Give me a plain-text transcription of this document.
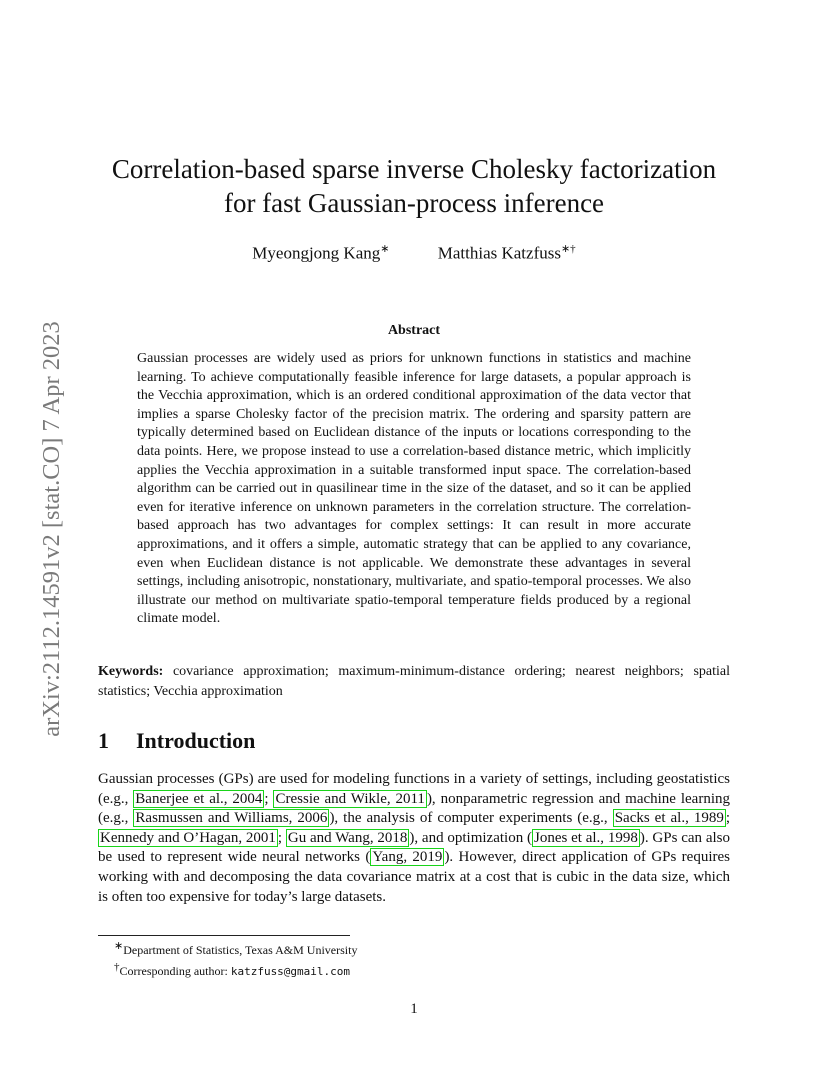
arXiv:2112.14591v2 [stat.CO] 7 Apr 2023
Correlation-based sparse inverse Cholesky factorization
for fast Gaussian-process inference
Myeongjong Kang∗	Matthias Katzfuss∗†
Abstract
Gaussian processes are widely used as priors for unknown functions in statistics and machine learning. To achieve computationally feasible inference for large datasets, a popular approach is the Vecchia approximation, which is an ordered conditional approximation of the data vector that implies a sparse Cholesky factor of the precision matrix. The ordering and sparsity pattern are typically determined based on Euclidean distance of the inputs or locations corresponding to the data points. Here, we propose instead to use a correlation-based distance metric, which implicitly applies the Vecchia approximation in a suitable transformed input space. The correlation-based algorithm can be carried out in quasilinear time in the size of the dataset, and so it can be applied even for iterative inference on unknown parameters in the correlation structure. The correlation-based approach has two advantages for complex settings: It can result in more accurate approximations, and it offers a simple, automatic strategy that can be applied to any covariance, even when Euclidean distance is not applicable. We demonstrate these advantages in several settings, including anisotropic, nonstationary, multivariate, and spatio-temporal processes. We also illustrate our method on multivariate spatio-temporal temperature fields produced by a regional climate model.
Keywords: covariance approximation; maximum-minimum-distance ordering; nearest neighbors; spatial statistics; Vecchia approximation
1 Introduction
Gaussian processes (GPs) are used for modeling functions in a variety of settings, including geostatistics (e.g., Banerjee et al., 2004 ; Cressie and Wikle, 2011 ), nonparametric regression and machine learning (e.g., Rasmussen and Williams, 2006 ), the analysis of computer experiments (e.g., Sacks et al., 1989 ; Kennedy and O’Hagan, 2001 ; Gu and Wang, 2018 ), and optimization ( Jones et al., 1998 ). GPs can also be used to represent wide neural networks ( Yang, 2019 ). However, direct application of GPs requires working with and decomposing the data covariance matrix at a cost that is cubic in the data size, which is often too expensive for today’s large datasets.
∗Department of Statistics, Texas A&M University
†Corresponding author: katzfuss@gmail.com
1
